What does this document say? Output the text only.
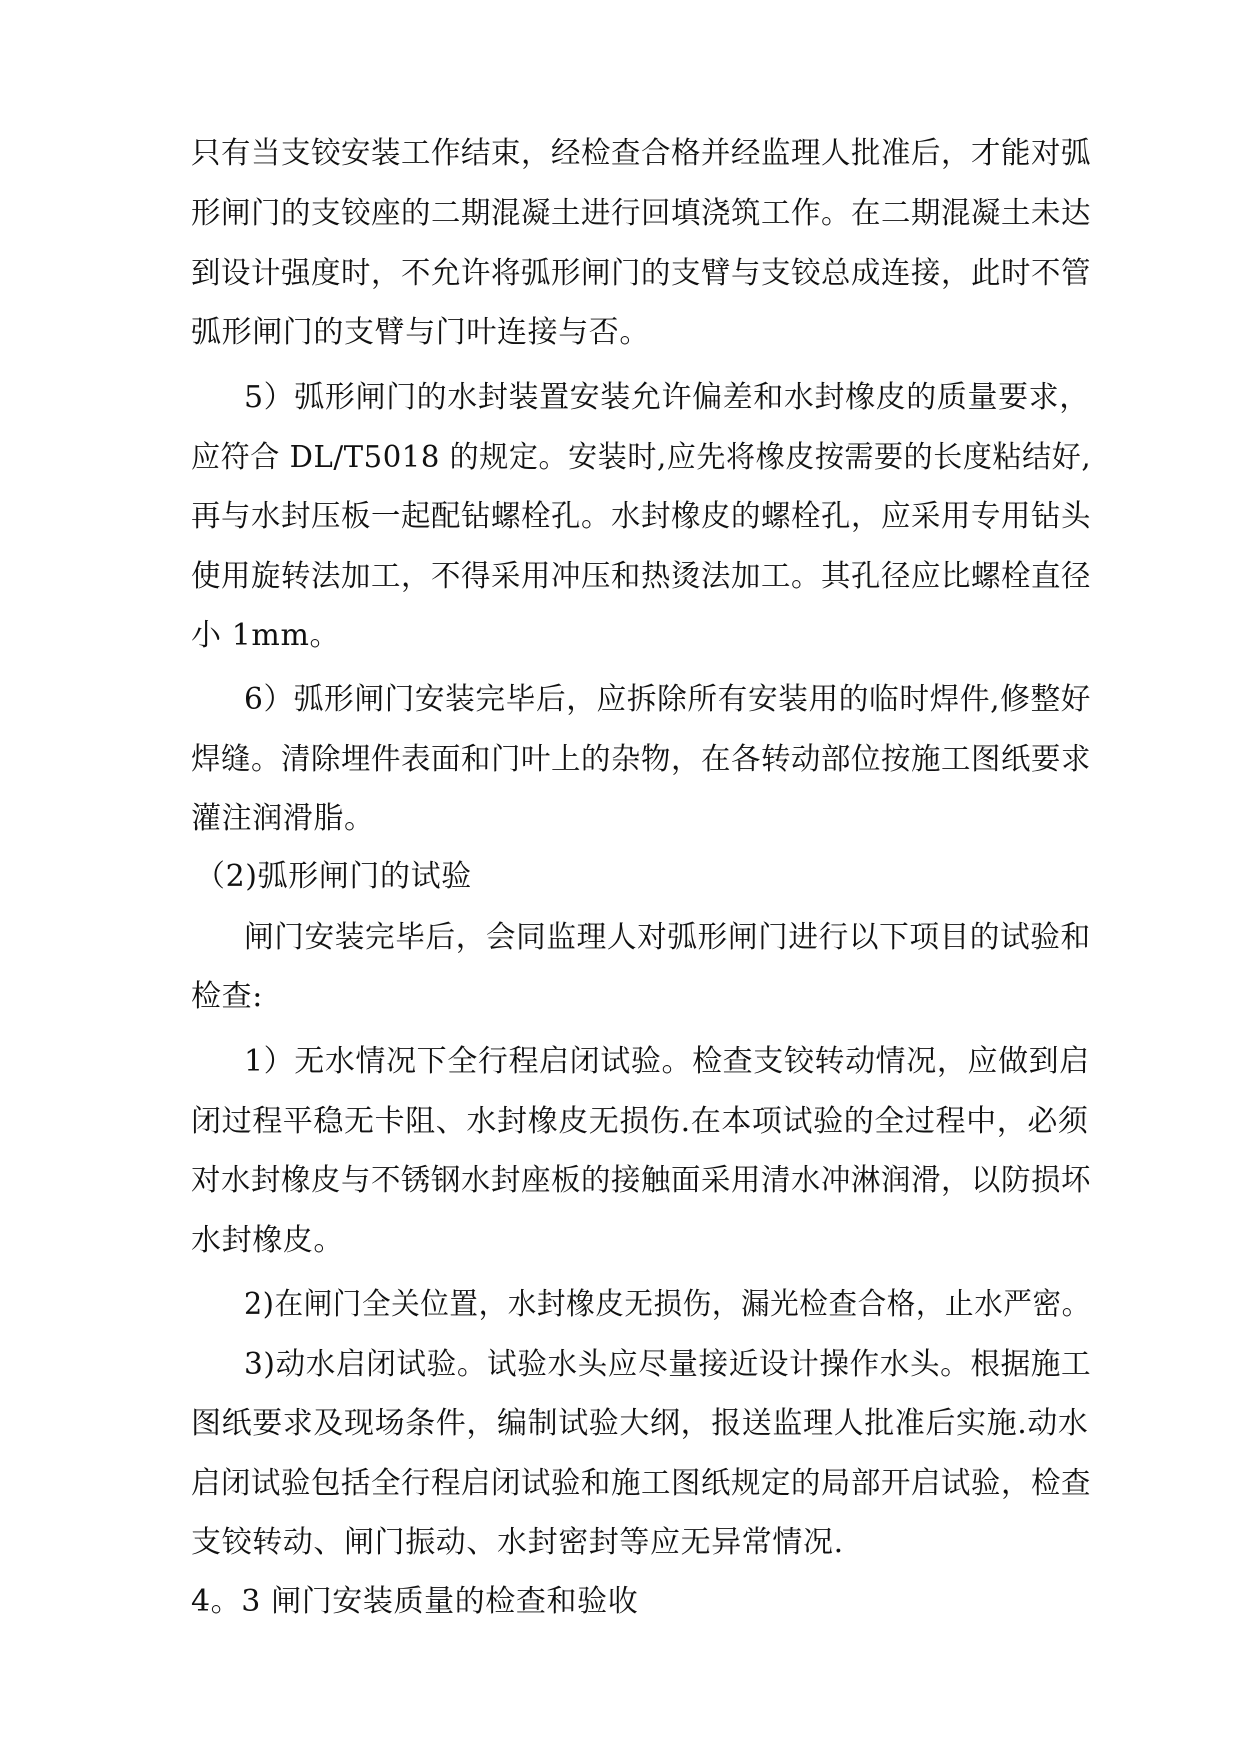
只有当支铰安装工作结束，经检查合格并经监理人批准后，才能对弧
形闸门的支铰座的二期混凝土进行回填浇筑工作。在二期混凝土未达
到设计强度时，不允许将弧形闸门的支臂与支铰总成连接，此时不管
弧形闸门的支臂与门叶连接与否。
5）弧形闸门的水封装置安装允许偏差和水封橡皮的质量要求，
应符合 DL/T5018 的规定。安装时,应先将橡皮按需要的长度粘结好,
再与水封压板一起配钻螺栓孔。水封橡皮的螺栓孔，应采用专用钻头
使用旋转法加工，不得采用冲压和热烫法加工。其孔径应比螺栓直径
小 1mm。
6）弧形闸门安装完毕后，应拆除所有安装用的临时焊件,修整好
焊缝。清除埋件表面和门叶上的杂物，在各转动部位按施工图纸要求
灌注润滑脂。
（2)弧形闸门的试验
闸门安装完毕后，会同监理人对弧形闸门进行以下项目的试验和
检查:
1）无水情况下全行程启闭试验。检查支铰转动情况，应做到启
闭过程平稳无卡阻、水封橡皮无损伤.在本项试验的全过程中，必须
对水封橡皮与不锈钢水封座板的接触面采用清水冲淋润滑，以防损坏
水封橡皮。
2)在闸门全关位置，水封橡皮无损伤，漏光检查合格，止水严密。
3)动水启闭试验。试验水头应尽量接近设计操作水头。根据施工
图纸要求及现场条件，编制试验大纲，报送监理人批准后实施.动水
启闭试验包括全行程启闭试验和施工图纸规定的局部开启试验，检查
支铰转动、闸门振动、水封密封等应无异常情况.
4。3 闸门安装质量的检查和验收
